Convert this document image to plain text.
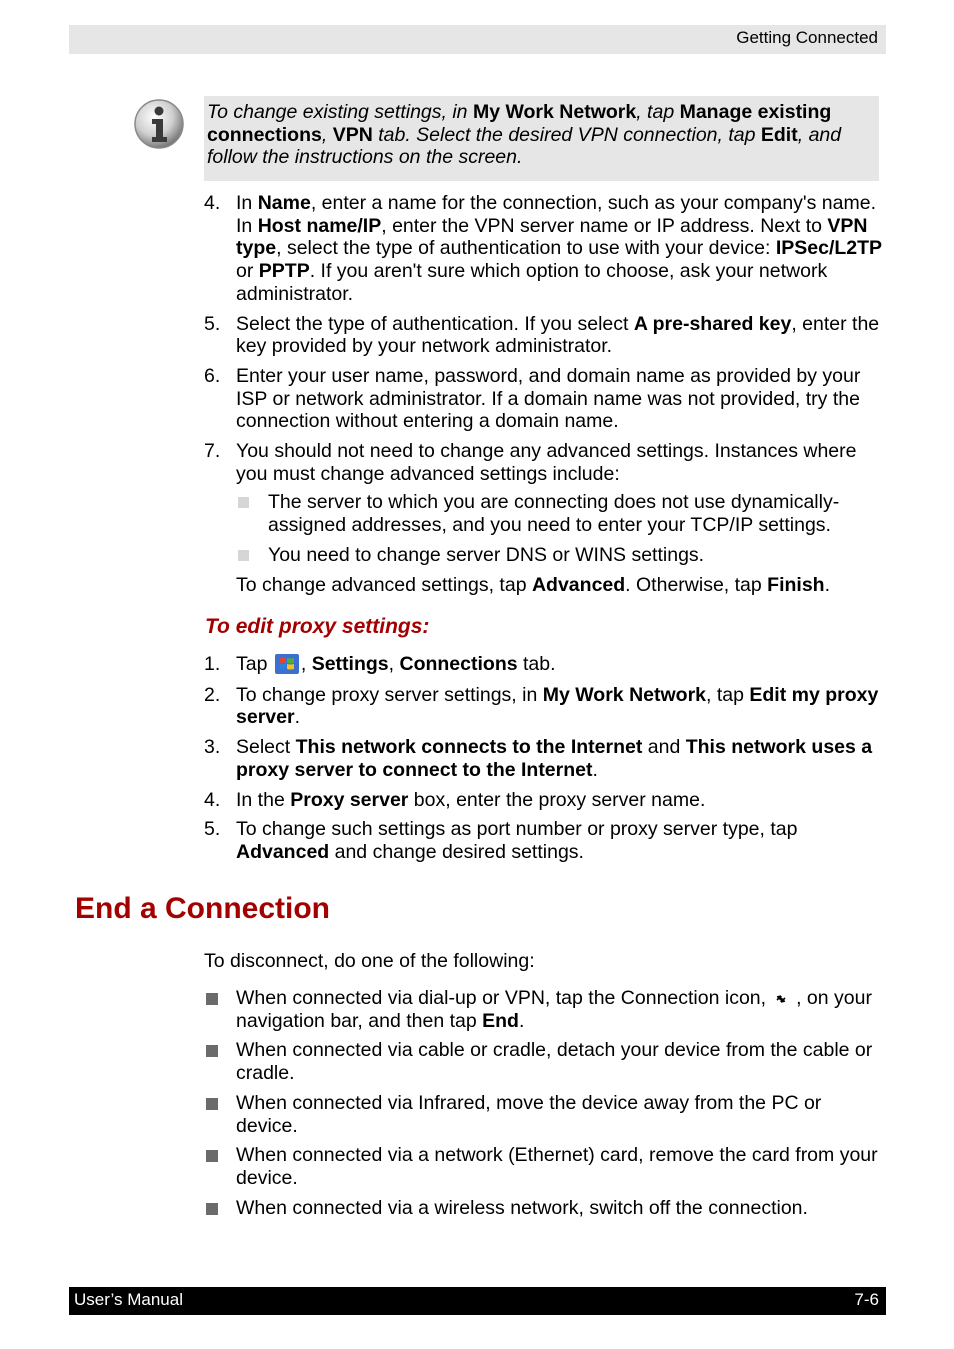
Getting Connected
To change existing settings, in My Work Network, tap Manage existing connections, VPN tab. Select the desired VPN connection, tap Edit, and follow the instructions on the screen.
4. In Name, enter a name for the connection, such as your company's name. In Host name/IP, enter the VPN server name or IP address. Next to VPN type, select the type of authentication to use with your device: IPSec/L2TP or PPTP. If you aren't sure which option to choose, ask your network administrator.
5. Select the type of authentication. If you select A pre-shared key, enter the key provided by your network administrator.
6. Enter your user name, password, and domain name as provided by your ISP or network administrator. If a domain name was not provided, try the connection without entering a domain name.
7. You should not need to change any advanced settings. Instances where you must change advanced settings include:
The server to which you are connecting does not use dynamically-assigned addresses, and you need to enter your TCP/IP settings.
You need to change server DNS or WINS settings.
To change advanced settings, tap Advanced. Otherwise, tap Finish.
To edit proxy settings:
1. Tap , Settings, Connections tab.
2. To change proxy server settings, in My Work Network, tap Edit my proxy server.
3. Select This network connects to the Internet and This network uses a proxy server to connect to the Internet.
4. In the Proxy server box, enter the proxy server name.
5. To change such settings as port number or proxy server type, tap Advanced and change desired settings.
End a Connection
To disconnect, do one of the following:
When connected via dial-up or VPN, tap the Connection icon, , on your navigation bar, and then tap End.
When connected via cable or cradle, detach your device from the cable or cradle.
When connected via Infrared, move the device away from the PC or device.
When connected via a network (Ethernet) card, remove the card from your device.
When connected via a wireless network, switch off the connection.
User’s Manual	7-6
